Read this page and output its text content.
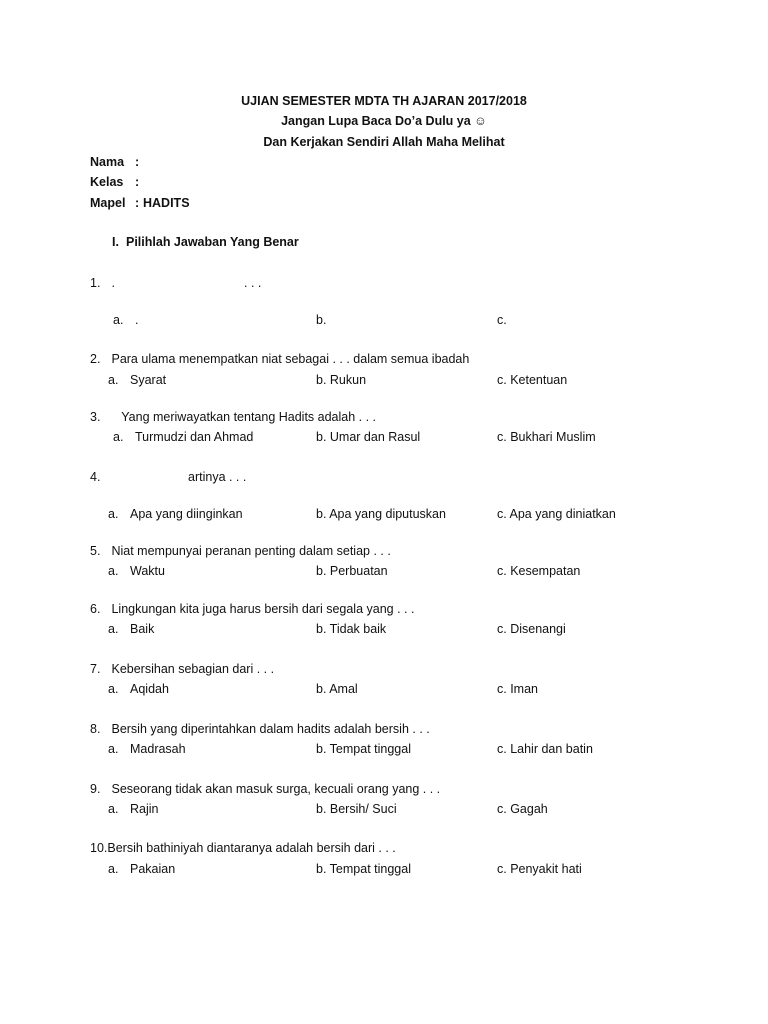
UJIAN SEMESTER MDTA TH AJARAN 2017/2018
Jangan Lupa Baca Do’a Dulu ya ☺
Dan Kerjakan Sendiri Allah Maha Melihat
Nama :
Kelas :
Mapel : HADITS
I. Pilihlah Jawaban Yang Benar
1. .	. . .
a. .	b.	c.
2. Para ulama menempatkan niat sebagai . . . dalam semua ibadah
a. Syarat	b. Rukun	c. Ketentuan
3. Yang meriwayatkan tentang Hadits adalah . . .
a. Turmudzi dan Ahmad	b. Umar dan Rasul	c. Bukhari Muslim
4.	artinya . . .
a. Apa yang diinginkan	b. Apa yang diputuskan	c. Apa yang diniatkan
5. Niat mempunyai peranan penting dalam setiap . . .
a. Waktu	b. Perbuatan	c. Kesempatan
6. Lingkungan kita juga harus bersih dari segala yang . . .
a. Baik	b. Tidak baik	c. Disenangi
7. Kebersihan sebagian dari . . .
a. Aqidah	b. Amal	c. Iman
8. Bersih yang diperintahkan dalam hadits adalah bersih . . .
a. Madrasah	b. Tempat tinggal	c. Lahir dan batin
9. Seseorang tidak akan masuk surga, kecuali orang yang . . .
a. Rajin	b. Bersih/ Suci	c. Gagah
10.Bersih bathiniyah diantaranya adalah bersih dari . . .
a. Pakaian	b. Tempat tinggal	c. Penyakit hati
